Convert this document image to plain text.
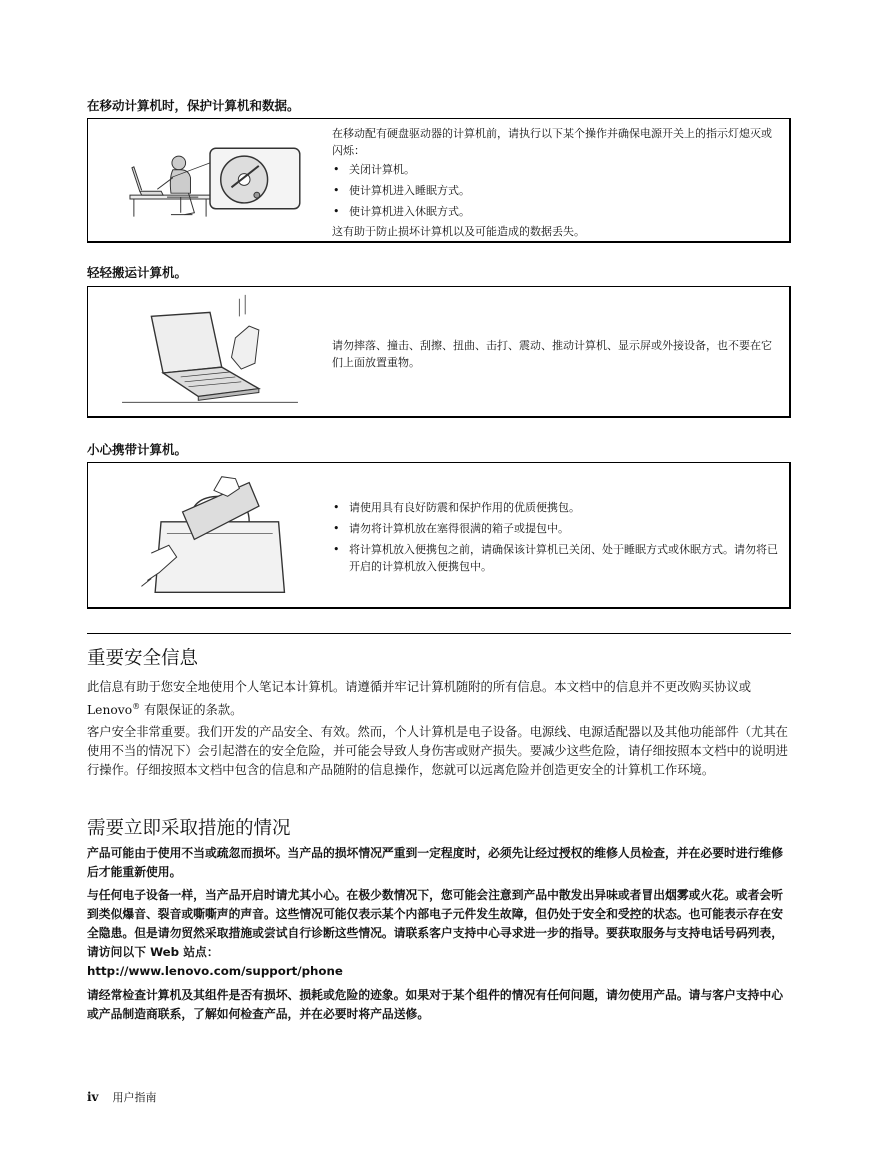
在移动计算机时，保护计算机和数据。

在移动配有硬盘驱动器的计算机前，请执行以下某个操作并确保电源开关上的指示灯熄灭或闪烁：

• 关闭计算机。
• 使计算机进入睡眠方式。
• 使计算机进入休眠方式。

这有助于防止损坏计算机以及可能造成的数据丢失。

轻轻搬运计算机。
请勿摔落、撞击、刮擦、扭曲、击打、震动、推动计算机、显示屏或外接设备，也不要在它们上面放置重物。
小心携带计算机。
• 请使用具有良好防震和保护作用的优质便携包。
• 请勿将计算机放在塞得很满的箱子或提包中。
• 将计算机放入便携包之前，请确保该计算机已关闭、处于睡眠方式或休眠方式。请勿将已开启的计算机放入便携包中。
重要安全信息

此信息有助于您安全地使用个人笔记本计算机。请遵循并牢记计算机随附的所有信息。本文档中的信息并不更改购买协议或 Lenovo® 有限保证的条款。

客户安全非常重要。我们开发的产品安全、有效。然而，个人计算机是电子设备。电源线、电源适配器以及其他功能部件（尤其在使用不当的情况下）会引起潜在的安全危险，并可能会导致人身伤害或财产损失。要减少这些危险，请仔细按照本文档中的说明进行操作。仔细按照本文档中包含的信息和产品随附的信息操作，您就可以远离危险并创造更安全的计算机工作环境。

需要立即采取措施的情况

产品可能由于使用不当或疏忽而损坏。当产品的损坏情况严重到一定程度时，必须先让经过授权的维修人员检查，并在必要时进行维修后才能重新使用。

与任何电子设备一样，当产品开启时请尤其小心。在极少数情况下，您可能会注意到产品中散发出异味或者冒出烟雾或火花。或者会听到类似爆音、裂音或嘶嘶声的声音。这些情况可能仅表示某个内部电子元件发生故障，但仍处于安全和受控的状态。也可能表示存在安全隐患。但是请勿贸然采取措施或尝试自行诊断这些情况。请联系客户支持中心寻求进一步的指导。要获取服务与支持电话号码列表，请访问以下 Web 站点：
http://www.lenovo.com/support/phone

请经常检查计算机及其组件是否有损坏、损耗或危险的迹象。如果对于某个组件的情况有任何问题，请勿使用产品。请与客户支持中心或产品制造商联系，了解如何检查产品，并在必要时将产品送修。

iv 用户指南
